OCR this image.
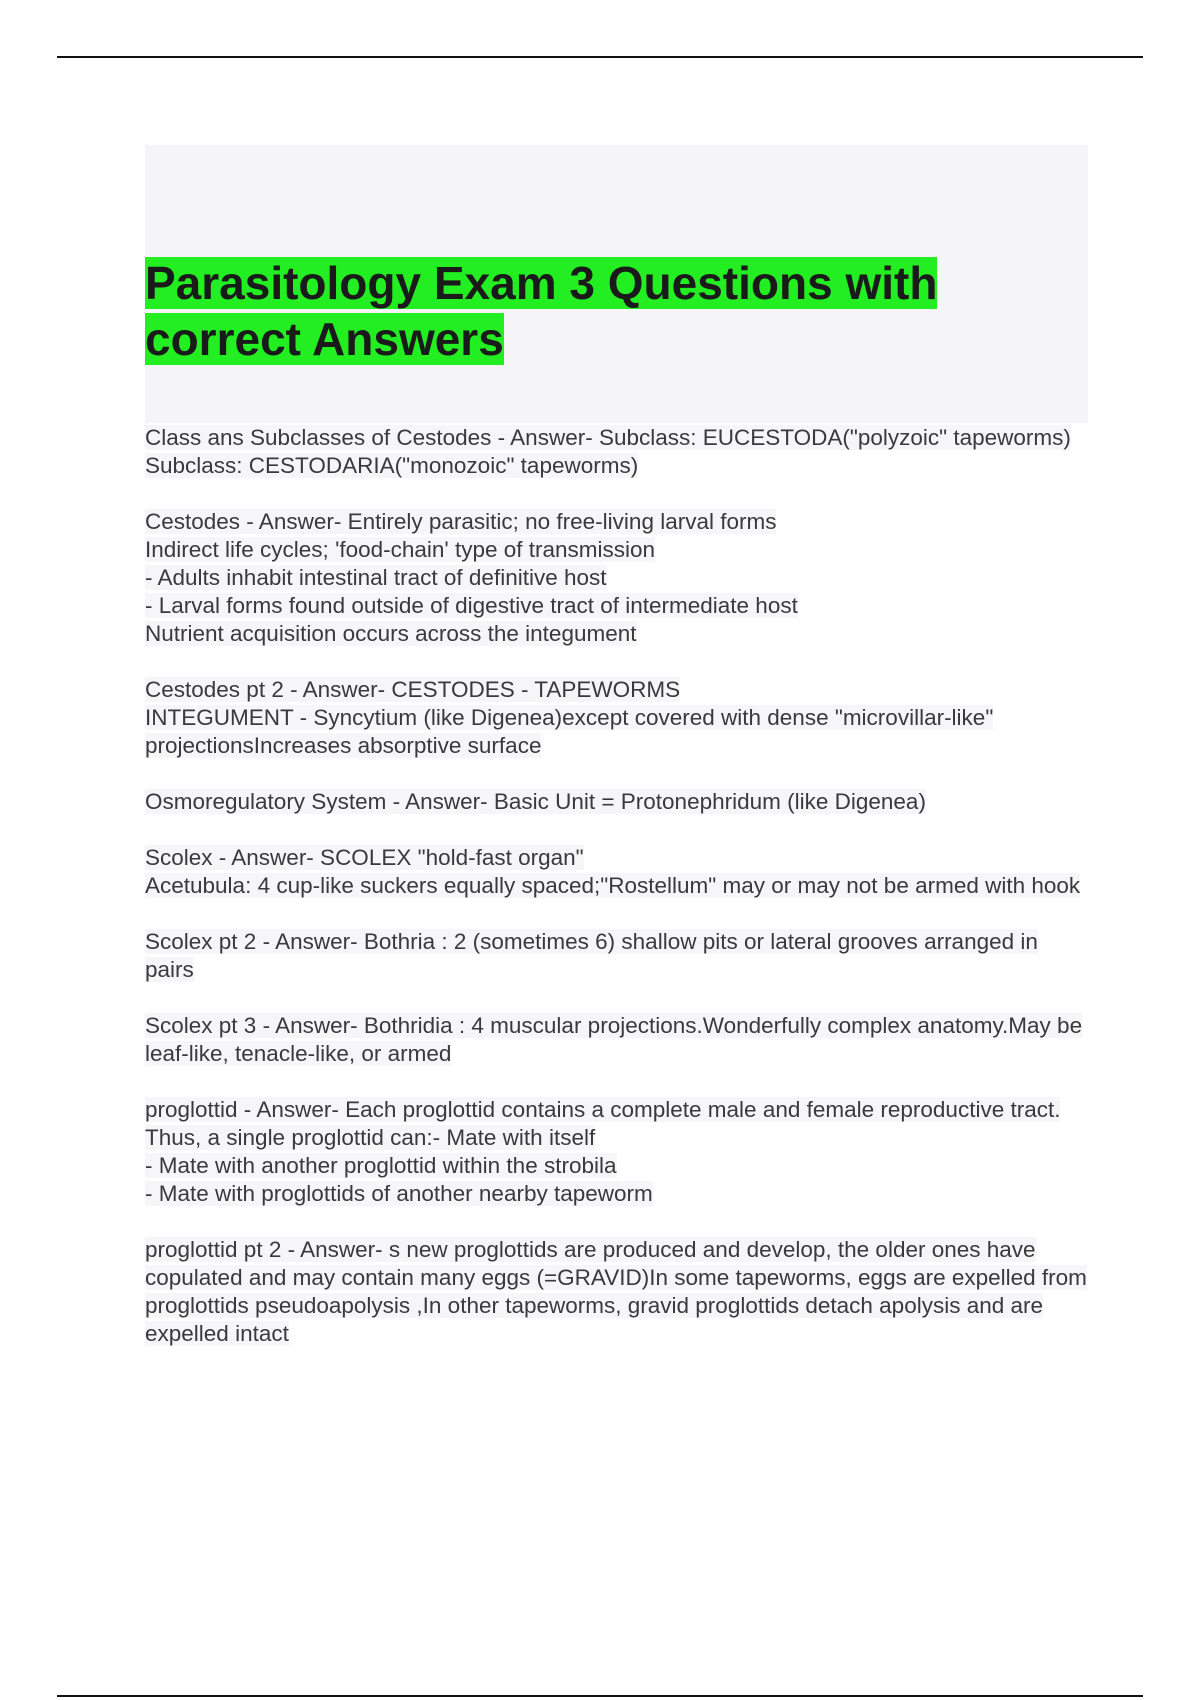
Parasitology Exam 3 Questions with
correct Answers

Class ans Subclasses of Cestodes - Answer- Subclass: EUCESTODA("polyzoic" tapeworms)
Subclass: CESTODARIA("monozoic" tapeworms)

Cestodes - Answer- Entirely parasitic; no free-living larval forms
Indirect life cycles; 'food-chain' type of transmission
- Adults inhabit intestinal tract of definitive host
- Larval forms found outside of digestive tract of intermediate host
Nutrient acquisition occurs across the integument

Cestodes pt 2 - Answer- CESTODES - TAPEWORMS
INTEGUMENT - Syncytium (like Digenea)except covered with dense "microvillar-like" projectionsIncreases absorptive surface

Osmoregulatory System - Answer- Basic Unit = Protonephridum (like Digenea)

Scolex - Answer- SCOLEX "hold-fast organ"
Acetubula: 4 cup-like suckers equally spaced;"Rostellum" may or may not be armed with hook

Scolex pt 2 - Answer- Bothria : 2 (sometimes 6) shallow pits or lateral grooves arranged in pairs

Scolex pt 3 - Answer- Bothridia : 4 muscular projections.Wonderfully complex anatomy.May be leaf-like, tenacle-like, or armed

proglottid - Answer- Each proglottid contains a complete male and female reproductive tract.
Thus, a single proglottid can:- Mate with itself
- Mate with another proglottid within the strobila
- Mate with proglottids of another nearby tapeworm

proglottid pt 2 - Answer- s new proglottids are produced and develop, the older ones have copulated and may contain many eggs (=GRAVID)In some tapeworms, eggs are expelled from proglottids pseudoapolysis ,In other tapeworms, gravid proglottids detach apolysis and are expelled intact
